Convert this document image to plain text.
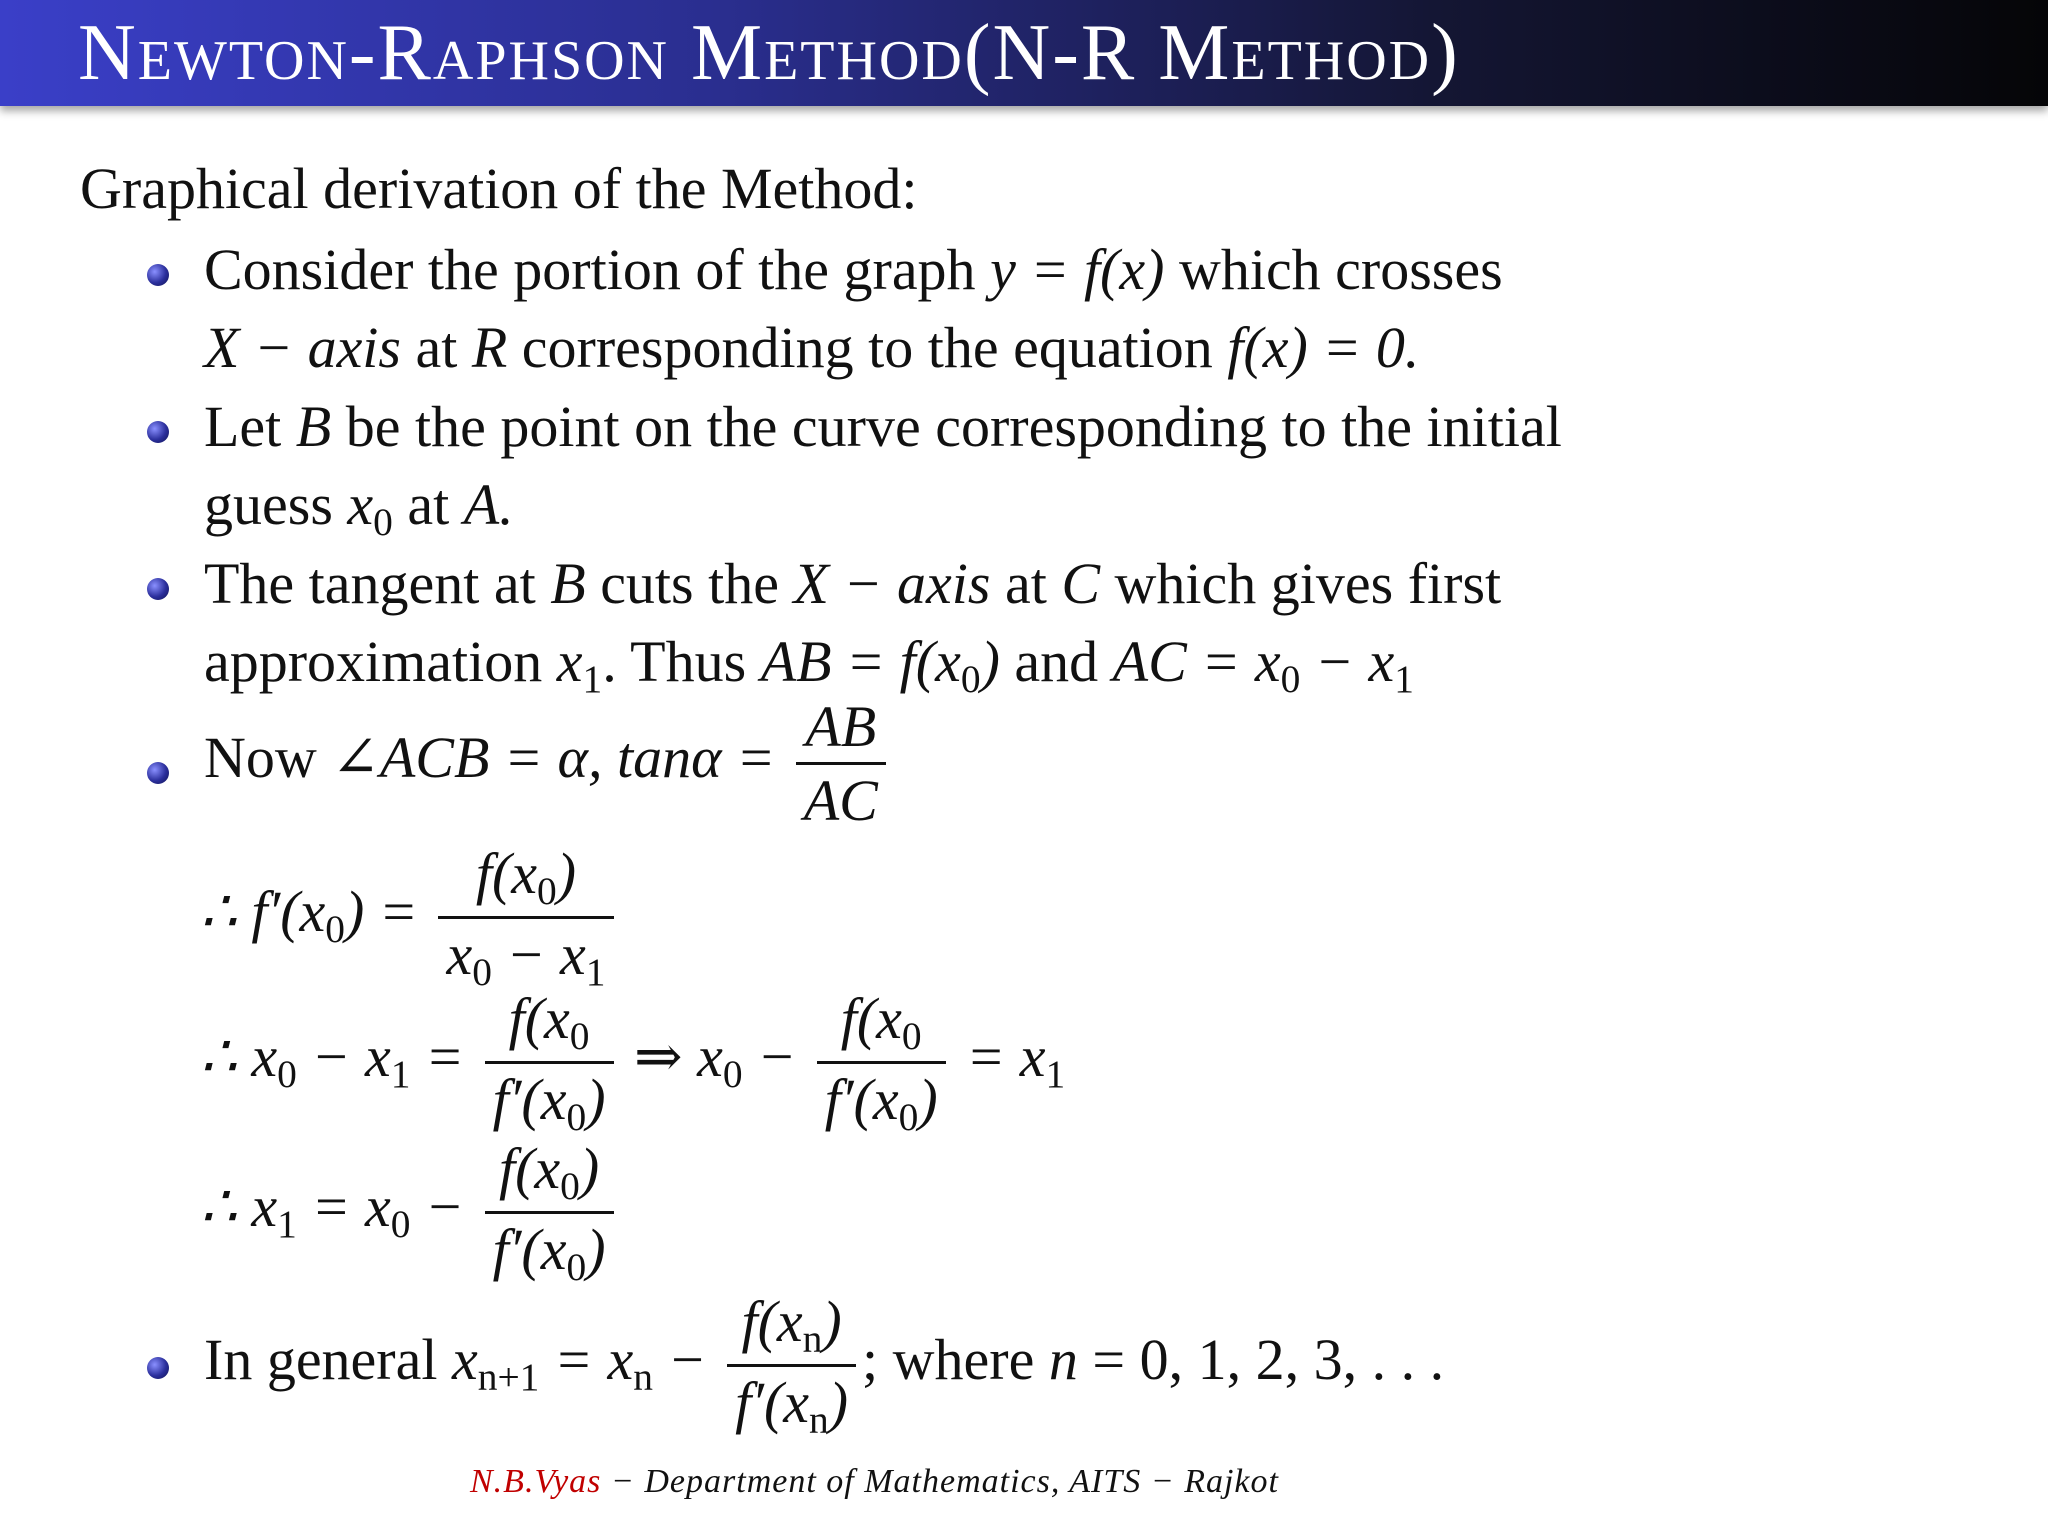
Newton-Raphson Method(N-R Method)
Graphical derivation of the Method:
Consider the portion of the graph y = f(x) which crosses
X − axis at R corresponding to the equation f(x) = 0.
Let B be the point on the curve corresponding to the initial
guess $x_0$ at A.
The tangent at B cuts the X − axis at C which gives first
approximation $x_1$. Thus AB = $f(x_0)$ and AC = $x_0 - x_1$
Now ∠ACB = α, $\tan\alpha = \frac{AB}{AC}$
∴ $f'(x_0) = \frac{f(x_0)}{x_0 - x_1}$
∴ $x_0 - x_1 = \frac{f(x_0}{f'(x_0)}$ ⇒ $x_0 - \frac{f(x_0}{f'(x_0)} = x_1$
∴ $x_1 = x_0 - \frac{f(x_0)}{f'(x_0)}$
In general $x_{n+1} = x_n - \frac{f(x_n)}{f'(x_n)}$ ; where n = 0, 1, 2, 3, . . .
N.B.Vyas − Department of Mathematics, AITS − Rajkot
